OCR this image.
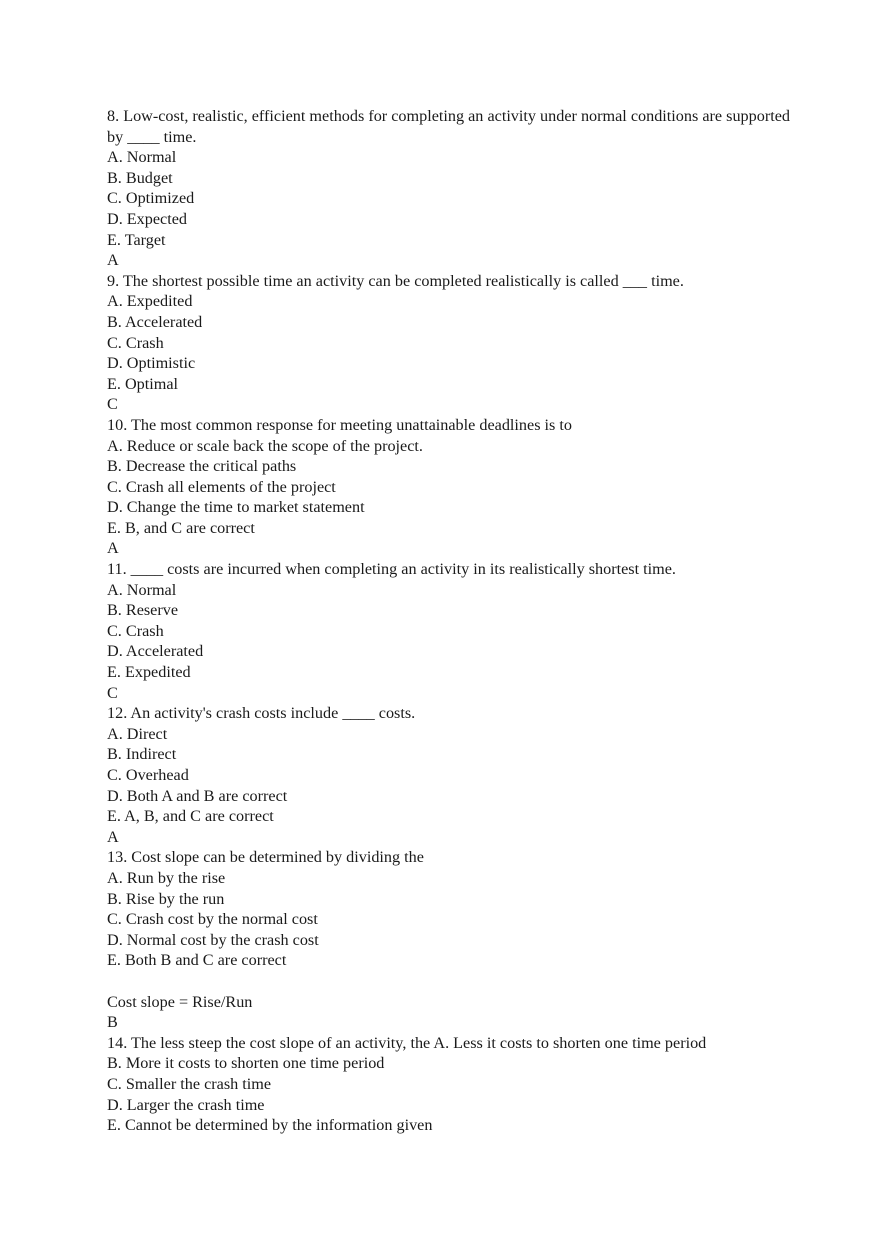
8. Low-cost, realistic, efficient methods for completing an activity under normal conditions are supported by ____ time.
A. Normal
B. Budget
C. Optimized
D. Expected
E. Target
A
9. The shortest possible time an activity can be completed realistically is called ___ time.
A. Expedited
B. Accelerated
C. Crash
D. Optimistic
E. Optimal
C
10. The most common response for meeting unattainable deadlines is to
A. Reduce or scale back the scope of the project.
B. Decrease the critical paths
C. Crash all elements of the project
D. Change the time to market statement
E. B, and C are correct
A
11. ____ costs are incurred when completing an activity in its realistically shortest time.
A. Normal
B. Reserve
C. Crash
D. Accelerated
E. Expedited
C
12. An activity's crash costs include ____ costs.
A. Direct
B. Indirect
C. Overhead
D. Both A and B are correct
E. A, B, and C are correct
A
13. Cost slope can be determined by dividing the
A. Run by the rise
B. Rise by the run
C. Crash cost by the normal cost
D. Normal cost by the crash cost
E. Both B and C are correct
Cost slope = Rise/Run
B
14. The less steep the cost slope of an activity, the A. Less it costs to shorten one time period
B. More it costs to shorten one time period
C. Smaller the crash time
D. Larger the crash time
E. Cannot be determined by the information given
